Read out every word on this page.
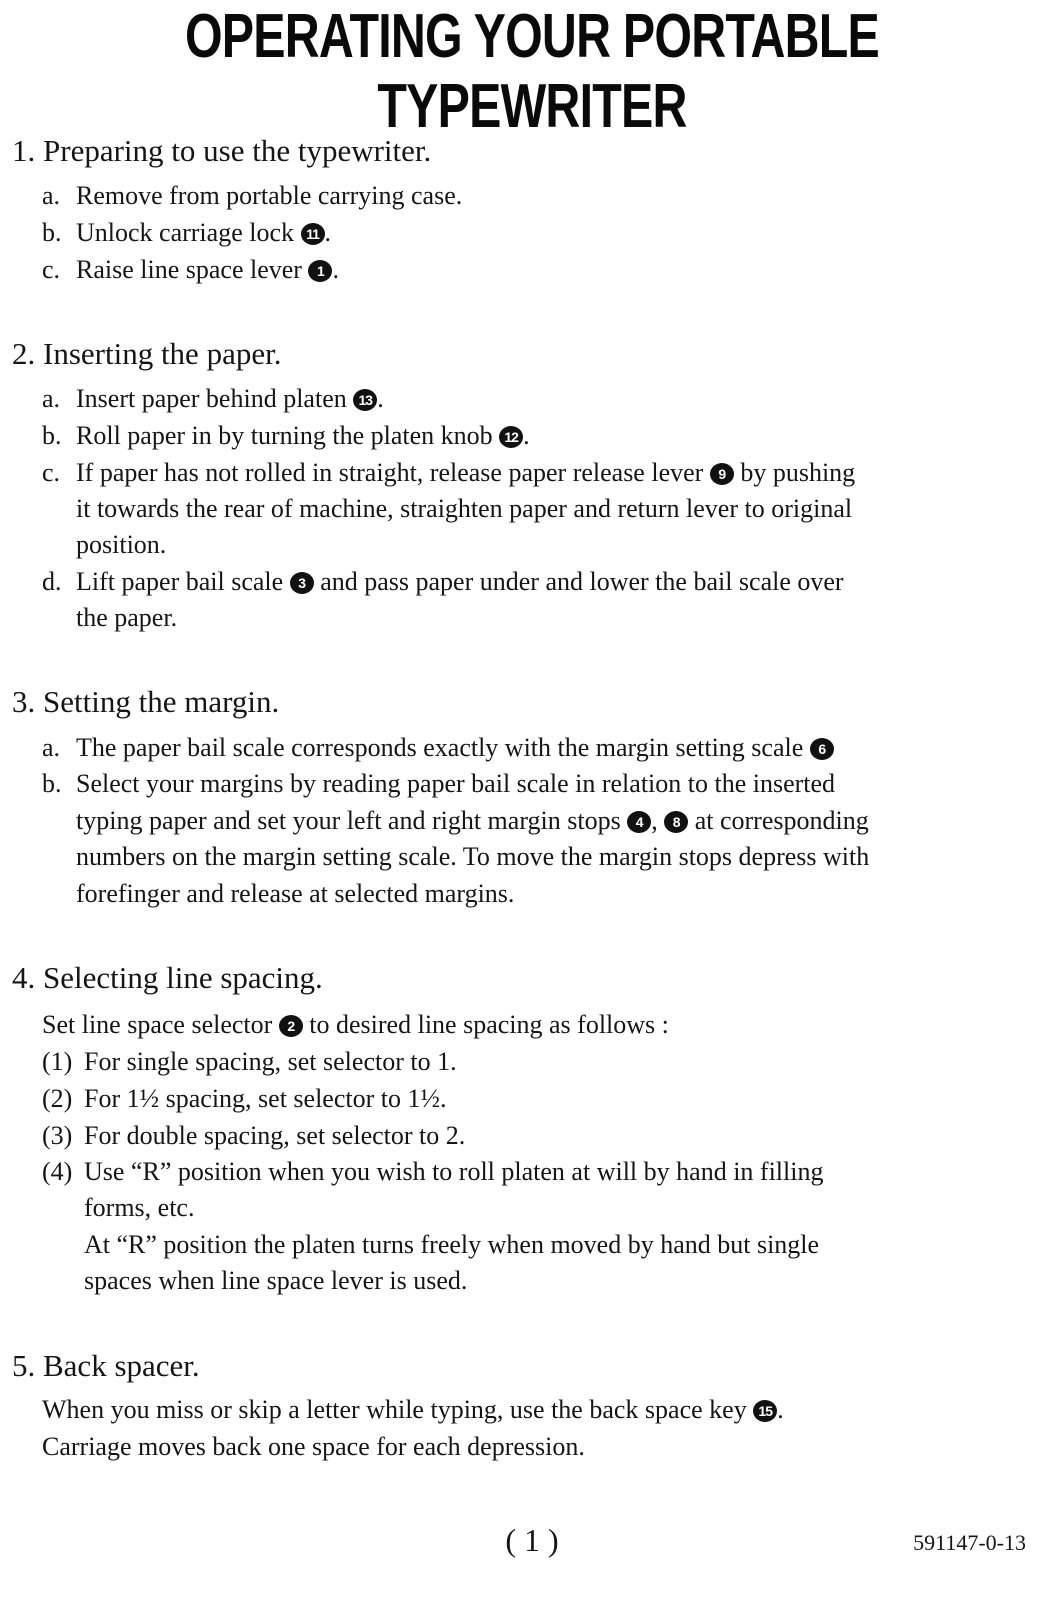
OPERATING YOUR PORTABLE TYPEWRITER
1. Preparing to use the typewriter.
a. Remove from portable carrying case.
b. Unlock carriage lock 11 .
c. Raise line space lever 1 .
2. Inserting the paper.
a. Insert paper behind platen 13 .
b. Roll paper in by turning the platen knob 12 .
c. If paper has not rolled in straight, release paper release lever 9 by pushing
it towards the rear of machine, straighten paper and return lever to original
position.
d. Lift paper bail scale 3 and pass paper under and lower the bail scale over
the paper.
3. Setting the margin.
a. The paper bail scale corresponds exactly with the margin setting scale 6
b. Select your margins by reading paper bail scale in relation to the inserted
typing paper and set your left and right margin stops 4 , 8 at corresponding
numbers on the margin setting scale. To move the margin stops depress with
forefinger and release at selected margins.
4. Selecting line spacing.
Set line space selector 2 to desired line spacing as follows :
(1) For single spacing, set selector to 1.
(2) For 1½ spacing, set selector to 1½.
(3) For double spacing, set selector to 2.
(4) Use “R” position when you wish to roll platen at will by hand in filling
forms, etc.
At “R” position the platen turns freely when moved by hand but single
spaces when line space lever is used.
5. Back spacer.
When you miss or skip a letter while typing, use the back space key 15 .
Carriage moves back one space for each depression.
( 1 )	591147-0-13
